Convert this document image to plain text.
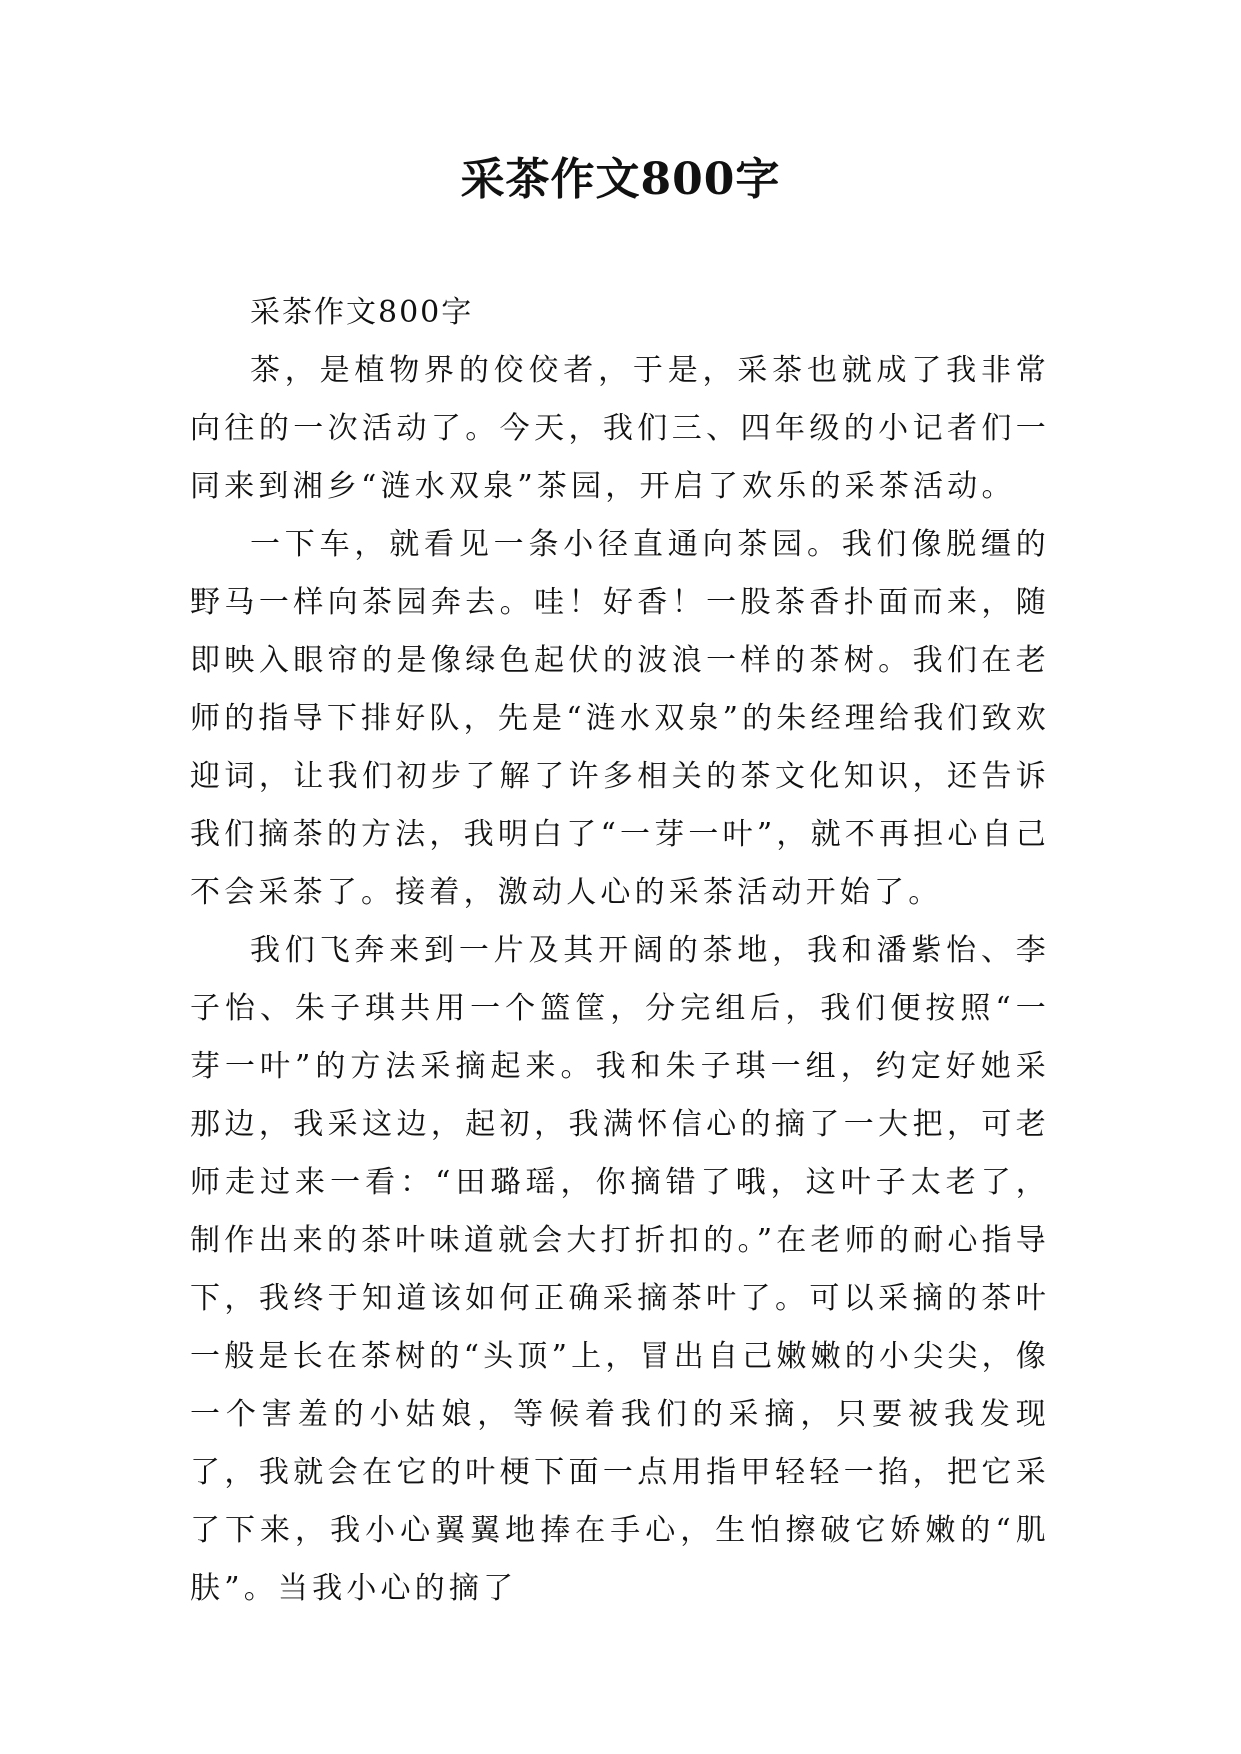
采茶作文800字

采茶作文800字

茶，是植物界的佼佼者，于是，采茶也就成了我非常向往的一次活动了。今天，我们三、四年级的小记者们一同来到湘乡“涟水双泉”茶园，开启了欢乐的采茶活动。

一下车，就看见一条小径直通向茶园。我们像脱缰的野马一样向茶园奔去。哇！好香！一股茶香扑面而来，随即映入眼帘的是像绿色起伏的波浪一样的茶树。我们在老师的指导下排好队，先是“涟水双泉”的朱经理给我们致欢迎词，让我们初步了解了许多相关的茶文化知识，还告诉我们摘茶的方法，我明白了“一芽一叶”，就不再担心自己不会采茶了。接着，激动人心的采茶活动开始了。

我们飞奔来到一片及其开阔的茶地，我和潘紫怡、李子怡、朱子琪共用一个篮筐，分完组后，我们便按照“一芽一叶”的方法采摘起来。我和朱子琪一组，约定好她采那边，我采这边，起初，我满怀信心的摘了一大把，可老师走过来一看：“田璐瑶，你摘错了哦，这叶子太老了，制作出来的茶叶味道就会大打折扣的。”在老师的耐心指导下，我终于知道该如何正确采摘茶叶了。可以采摘的茶叶一般是长在茶树的“头顶”上，冒出自己嫩嫩的小尖尖，像一个害羞的小姑娘，等候着我们的采摘，只要被我发现了，我就会在它的叶梗下面一点用指甲轻轻一掐，把它采了下来，我小心翼翼地捧在手心，生怕擦破它娇嫩的“肌肤”。当我小心的摘了
